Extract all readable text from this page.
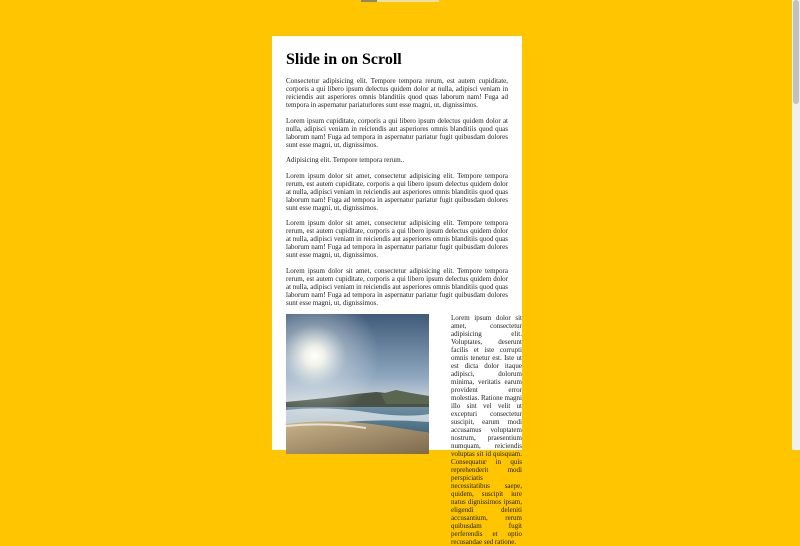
Slide in on Scroll

Consectetur adipisicing elit. Tempore tempora rerum, est autem cupiditate, corporis a qui libero ipsum delectus quidem dolor at nulla, adipisci veniam in reiciendis aut asperiores omnis blanditiis quod quas laborum nam! Fuga ad tempora in aspernatur pariaturlores sunt esse magni, ut, dignissimos.

Lorem ipsum cupiditate, corporis a qui libero ipsum delectus quidem dolor at nulla, adipisci veniam in reiciendis aut asperiores omnis blanditiis quod quas laborum nam! Fuga ad tempora in aspernatur pariatur fugit quibusdam dolores sunt esse magni, ut, dignissimos.

Adipisicing elit. Tempore tempora rerum..

Lorem ipsum dolor sit amet, consectetur adipisicing elit. Tempore tempora rerum, est autem cupiditate, corporis a qui libero ipsum delectus quidem dolor at nulla, adipisci veniam in reiciendis aut asperiores omnis blanditiis quod quas laborum nam! Fuga ad tempora in aspernatur pariatur fugit quibusdam dolores sunt esse magni, ut, dignissimos.

Lorem ipsum dolor sit amet, consectetur adipisicing elit. Tempore tempora rerum, est autem cupiditate, corporis a qui libero ipsum delectus quidem dolor at nulla, adipisci veniam in reiciendis aut asperiores omnis blanditiis quod quas laborum nam! Fuga ad tempora in aspernatur pariatur fugit quibusdam dolores sunt esse magni, ut, dignissimos.

Lorem ipsum dolor sit amet, consectetur adipisicing elit. Tempore tempora rerum, est autem cupiditate, corporis a qui libero ipsum delectus quidem dolor at nulla, adipisci veniam in reiciendis aut asperiores omnis blanditiis quod quas laborum nam! Fuga ad tempora in aspernatur pariatur fugit quibusdam dolores sunt esse magni, ut, dignissimos.

Lorem ipsum dolor sit amet, consectetur adipisicing elit. Voluptates, deserunt facilis et iste corrupti omnis tenetur est. Iste ut est dicta dolor itaque adipisci, dolorum minima, veritatis earum provident error molestias. Ratione magni illo sint vel velit ut excepturi consectetur suscipit, earum modi accusamus voluptatem nostrum, praesentium numquam, reiciendis voluptas sit id quisquam. Consequatur in quis reprehenderit modi perspiciatis necessitatibus saepe, quidem, suscipit iure natus dignissimos ipsam, eligendi deleniti accusantium, rerum quibusdam fugit perferendis et optio recusandae sed ratione.
